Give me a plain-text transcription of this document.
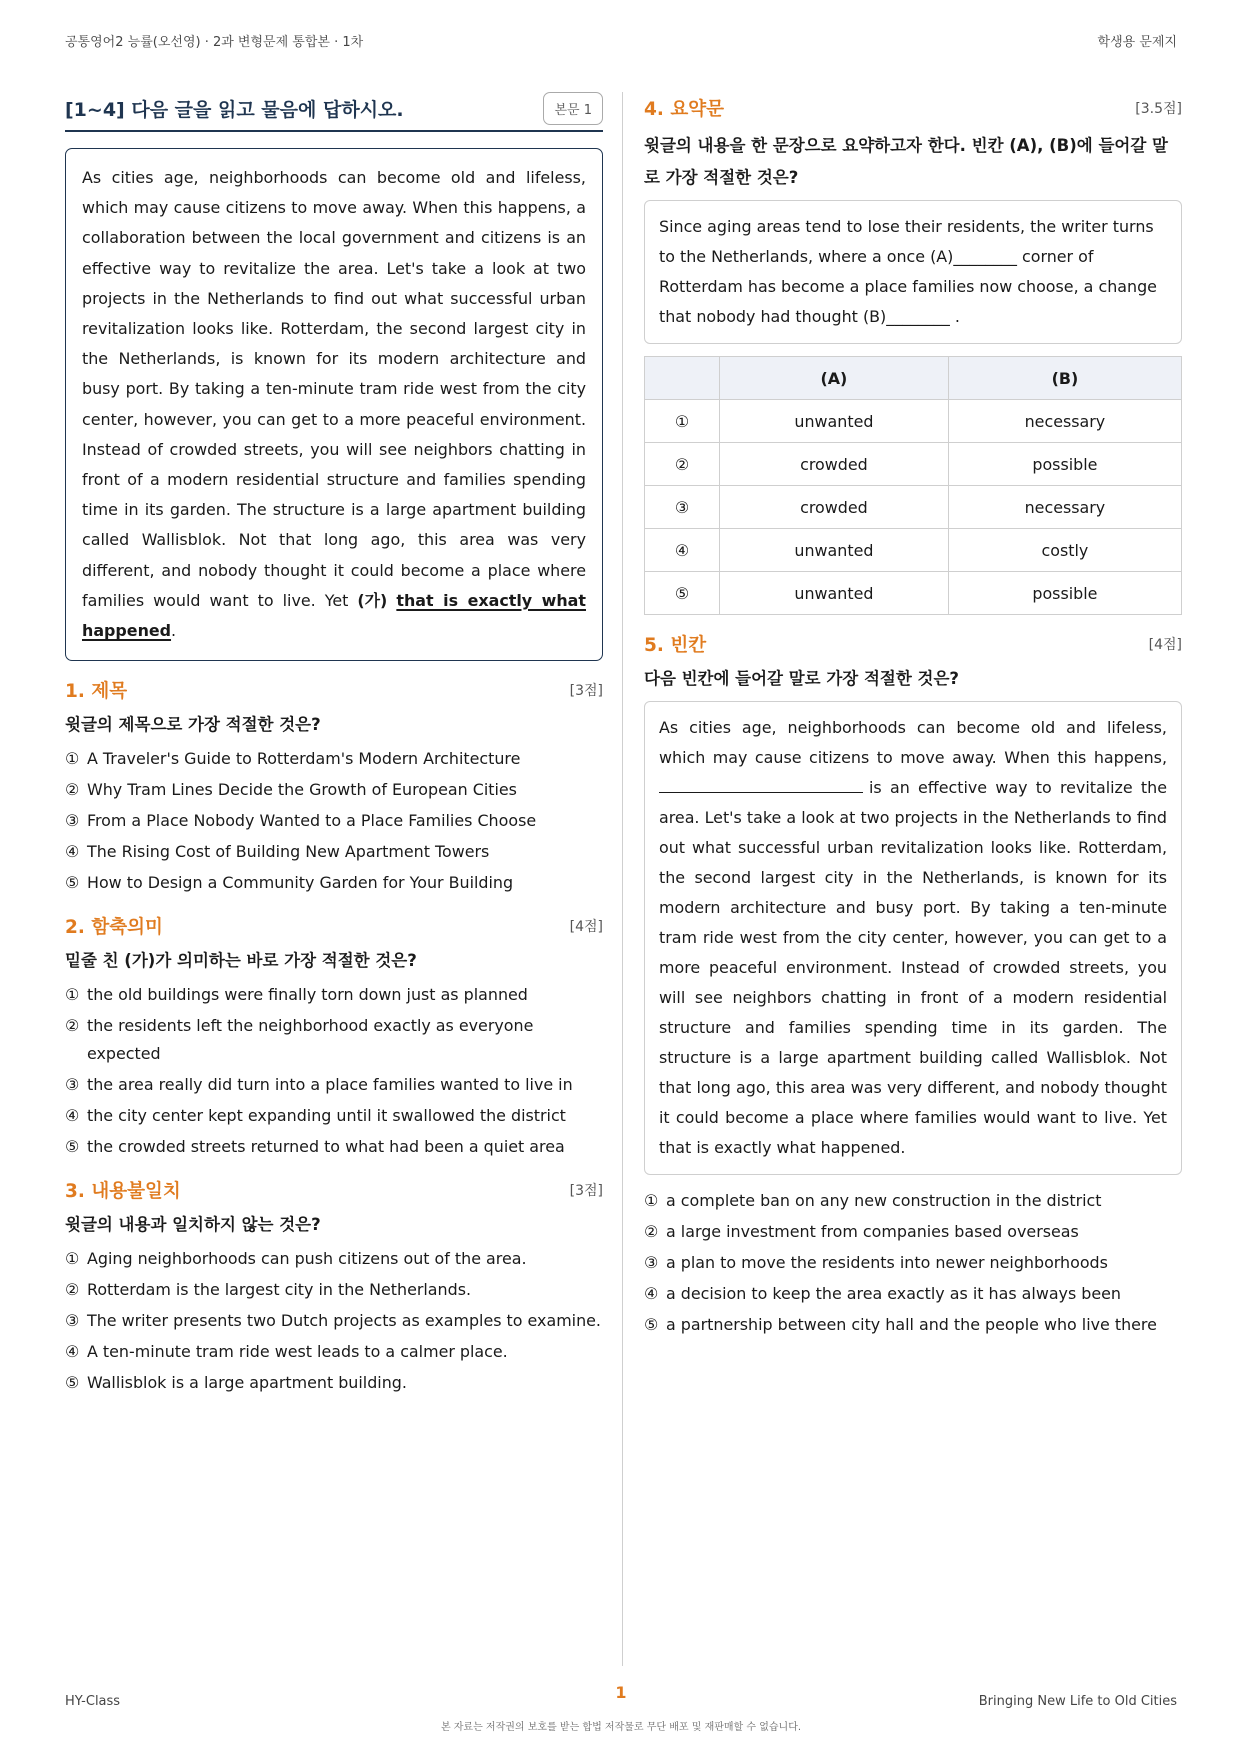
공통영어2 능률(오선영) · 2과 변형문제 통합본 · 1차	학생용 문제지
[1~4] 다음 글을 읽고 물음에 답하시오.	본문 1
As cities age, neighborhoods can become old and lifeless, which may cause citizens to move away. When this happens, a collaboration between the local government and citizens is an effective way to revitalize the area. Let's take a look at two projects in the Netherlands to find out what successful urban revitalization looks like. Rotterdam, the second largest city in the Netherlands, is known for its modern architecture and busy port. By taking a ten-minute tram ride west from the city center, however, you can get to a more peaceful environment. Instead of crowded streets, you will see neighbors chatting in front of a modern residential structure and families spending time in its garden. The structure is a large apartment building called Wallisblok. Not that long ago, this area was very different, and nobody thought it could become a place where families would want to live. Yet (가) that is exactly what happened.
1. 제목	[3점]
윗글의 제목으로 가장 적절한 것은?
① A Traveler's Guide to Rotterdam's Modern Architecture
② Why Tram Lines Decide the Growth of European Cities
③ From a Place Nobody Wanted to a Place Families Choose
④ The Rising Cost of Building New Apartment Towers
⑤ How to Design a Community Garden for Your Building
2. 함축의미	[4점]
밑줄 친 (가)가 의미하는 바로 가장 적절한 것은?
① the old buildings were finally torn down just as planned
② the residents left the neighborhood exactly as everyone expected
③ the area really did turn into a place families wanted to live in
④ the city center kept expanding until it swallowed the district
⑤ the crowded streets returned to what had been a quiet area
3. 내용불일치	[3점]
윗글의 내용과 일치하지 않는 것은?
① Aging neighborhoods can push citizens out of the area.
② Rotterdam is the largest city in the Netherlands.
③ The writer presents two Dutch projects as examples to examine.
④ A ten-minute tram ride west leads to a calmer place.
⑤ Wallisblok is a large apartment building.
4. 요약문	[3.5점]
윗글의 내용을 한 문장으로 요약하고자 한다. 빈칸 (A), (B)에 들어갈 말로 가장 적절한 것은?
Since aging areas tend to lose their residents, the writer turns to the Netherlands, where a once (A)________ corner of Rotterdam has become a place families now choose, a change that nobody had thought (B)________ .
	(A)	(B)
①	unwanted	necessary
②	crowded	possible
③	crowded	necessary
④	unwanted	costly
⑤	unwanted	possible
5. 빈칸	[4점]
다음 빈칸에 들어갈 말로 가장 적절한 것은?
As cities age, neighborhoods can become old and lifeless, which may cause citizens to move away. When this happens, is an effective way to revitalize the area. Let's take a look at two projects in the Netherlands to find out what successful urban revitalization looks like. Rotterdam, the second largest city in the Netherlands, is known for its modern architecture and busy port. By taking a ten-minute tram ride west from the city center, however, you can get to a more peaceful environment. Instead of crowded streets, you will see neighbors chatting in front of a modern residential structure and families spending time in its garden. The structure is a large apartment building called Wallisblok. Not that long ago, this area was very different, and nobody thought it could become a place where families would want to live. Yet that is exactly what happened.
① a complete ban on any new construction in the district
② a large investment from companies based overseas
③ a plan to move the residents into newer neighborhoods
④ a decision to keep the area exactly as it has always been
⑤ a partnership between city hall and the people who live there
HY-Class	1	Bringing New Life to Old Cities
본 자료는 저작권의 보호를 받는 합법 저작물로 무단 배포 및 재판매할 수 없습니다.
